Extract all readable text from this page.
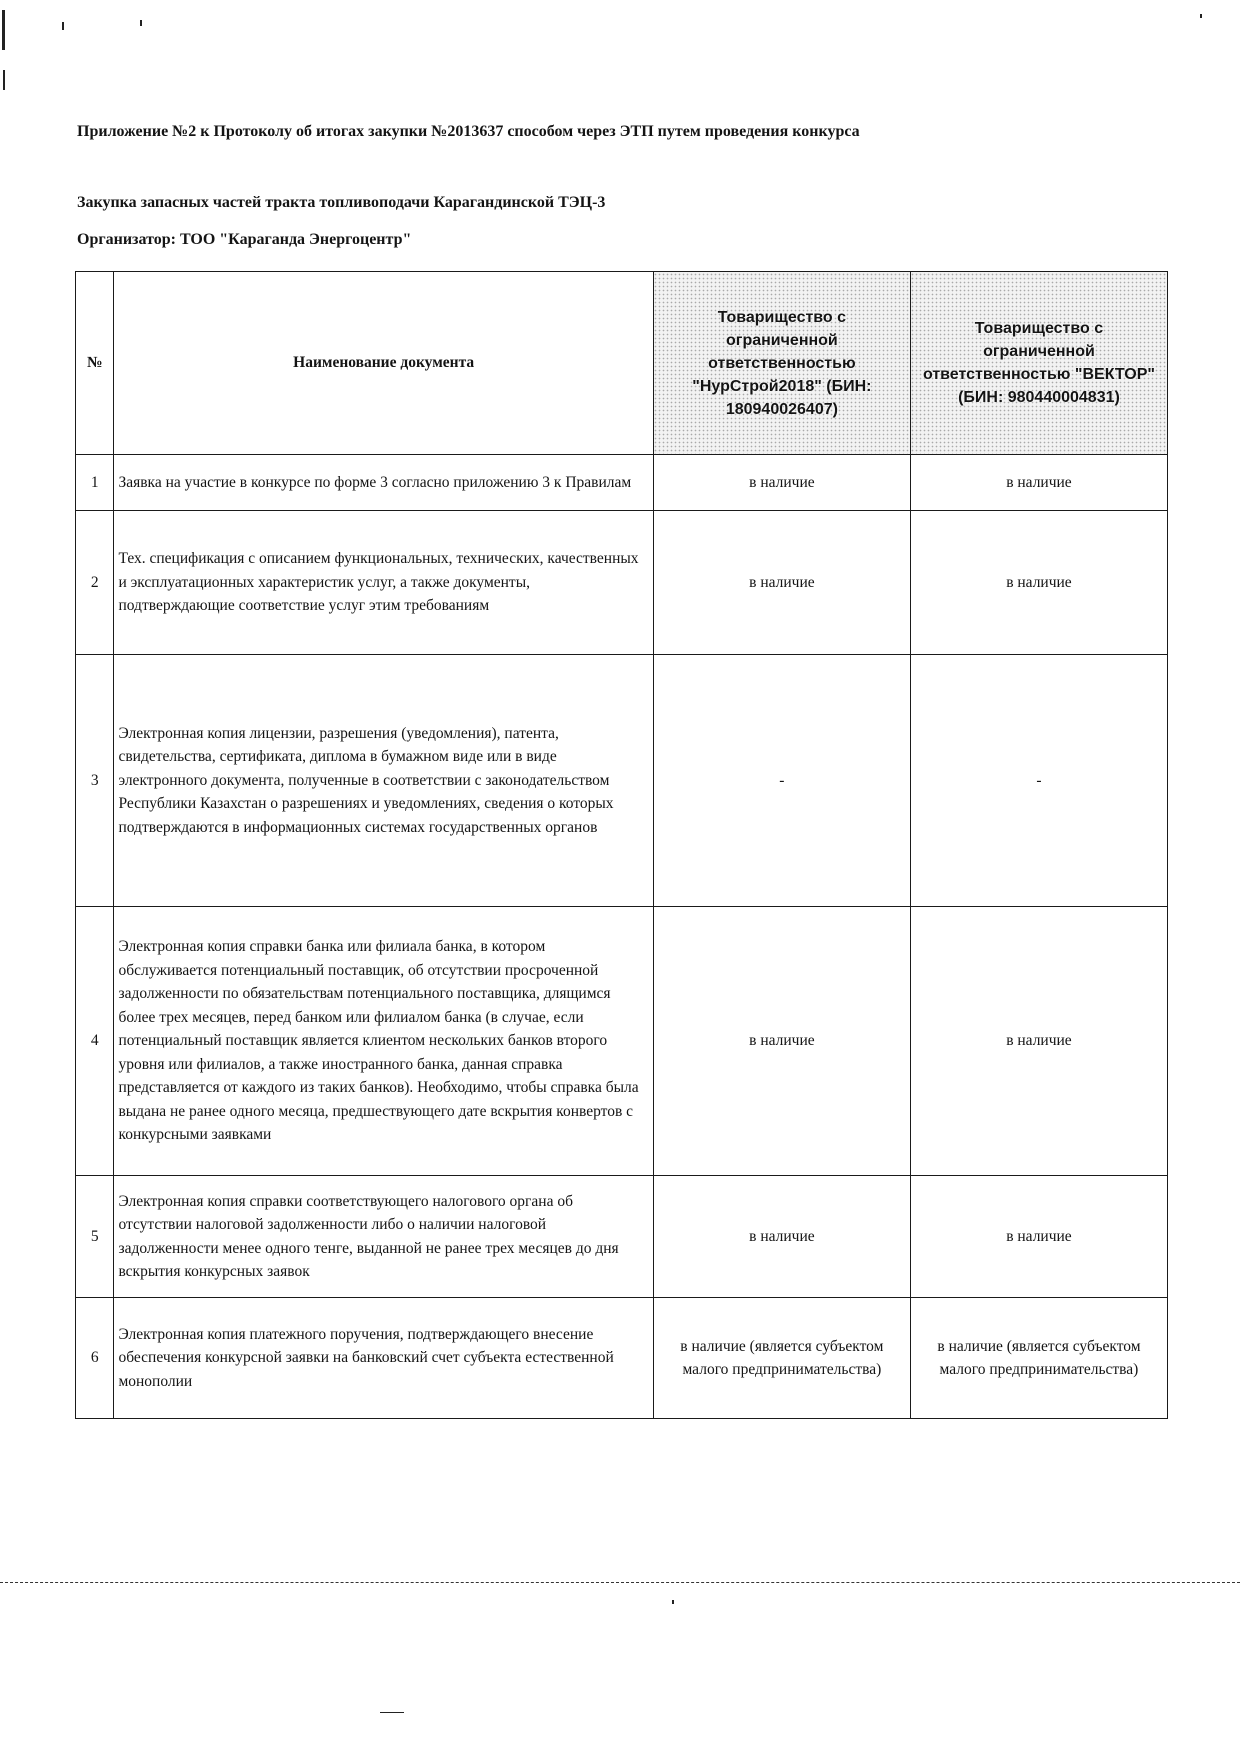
Приложение №2 к Протоколу об итогах закупки №2013637 способом через ЭТП путем проведения конкурса
Закупка запасных частей тракта топливоподачи Карагандинской ТЭЦ-3
Организатор: ТОО "Караганда Энергоцентр"
№	Наименование документа	Товарищество с ограниченной ответственностью "НурСтрой2018" (БИН: 180940026407)	Товарищество с ограниченной ответственностью "ВЕКТОР" (БИН: 980440004831)
1	Заявка на участие в конкурсе по форме 3 согласно приложению 3 к Правилам	в наличие	в наличие
2	Тех. спецификация с описанием функциональных, технических, качественных и эксплуатационных характеристик услуг, а также документы, подтверждающие соответствие услуг этим требованиям	в наличие	в наличие
3	Электронная копия лицензии, разрешения (уведомления), патента, свидетельства, сертификата, диплома в бумажном виде или в виде электронного документа, полученные в соответствии с законодательством Республики Казахстан о разрешениях и уведомлениях, сведения о которых подтверждаются в информационных системах государственных органов	-	-
4	Электронная копия справки банка или филиала банка, в котором обслуживается потенциальный поставщик, об отсутствии просроченной задолженности по обязательствам потенциального поставщика, длящимся более трех месяцев, перед банком или филиалом банка (в случае, если потенциальный поставщик является клиентом нескольких банков второго уровня или филиалов, а также иностранного банка, данная справка представляется от каждого из таких банков). Необходимо, чтобы справка была выдана не ранее одного месяца, предшествующего дате вскрытия конвертов с конкурсными заявками	в наличие	в наличие
5	Электронная копия справки соответствующего налогового органа об отсутствии налоговой задолженности либо о наличии налоговой задолженности менее одного тенге, выданной не ранее трех месяцев до дня вскрытия конкурсных заявок	в наличие	в наличие
6	Электронная копия платежного поручения, подтверждающего внесение обеспечения конкурсной заявки на банковский счет субъекта естественной монополии	в наличие (является субъектом малого предпринимательства)	в наличие (является субъектом малого предпринимательства)
